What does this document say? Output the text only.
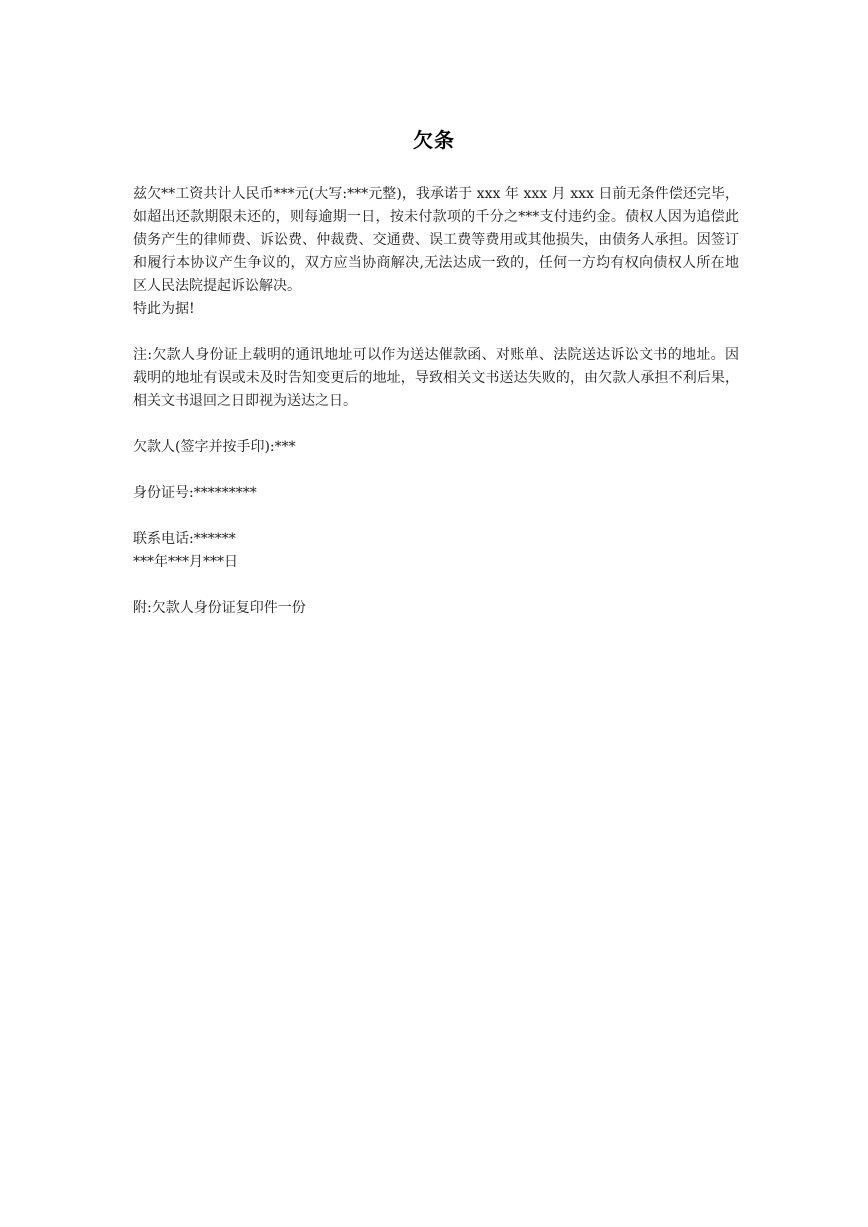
欠条

兹欠**工资共计人民币***元(大写:***元整)，我承诺于 xxx 年 xxx 月 xxx 日前无条件偿还完毕，如超出还款期限未还的，则每逾期一日，按未付款项的千分之***支付违约金。债权人因为追偿此债务产生的律师费、诉讼费、仲裁费、交通费、误工费等费用或其他损失，由债务人承担。因签订和履行本协议产生争议的，双方应当协商解决,无法达成一致的，任何一方均有权向债权人所在地区人民法院提起诉讼解决。

特此为据!

注:欠款人身份证上载明的通讯地址可以作为送达催款函、对账单、法院送达诉讼文书的地址。因载明的地址有误或未及时告知变更后的地址，导致相关文书送达失败的，由欠款人承担不利后果，相关文书退回之日即视为送达之日。

欠款人(签字并按手印):***

身份证号:*********

联系电话:******

***年***月***日

附:欠款人身份证复印件一份
